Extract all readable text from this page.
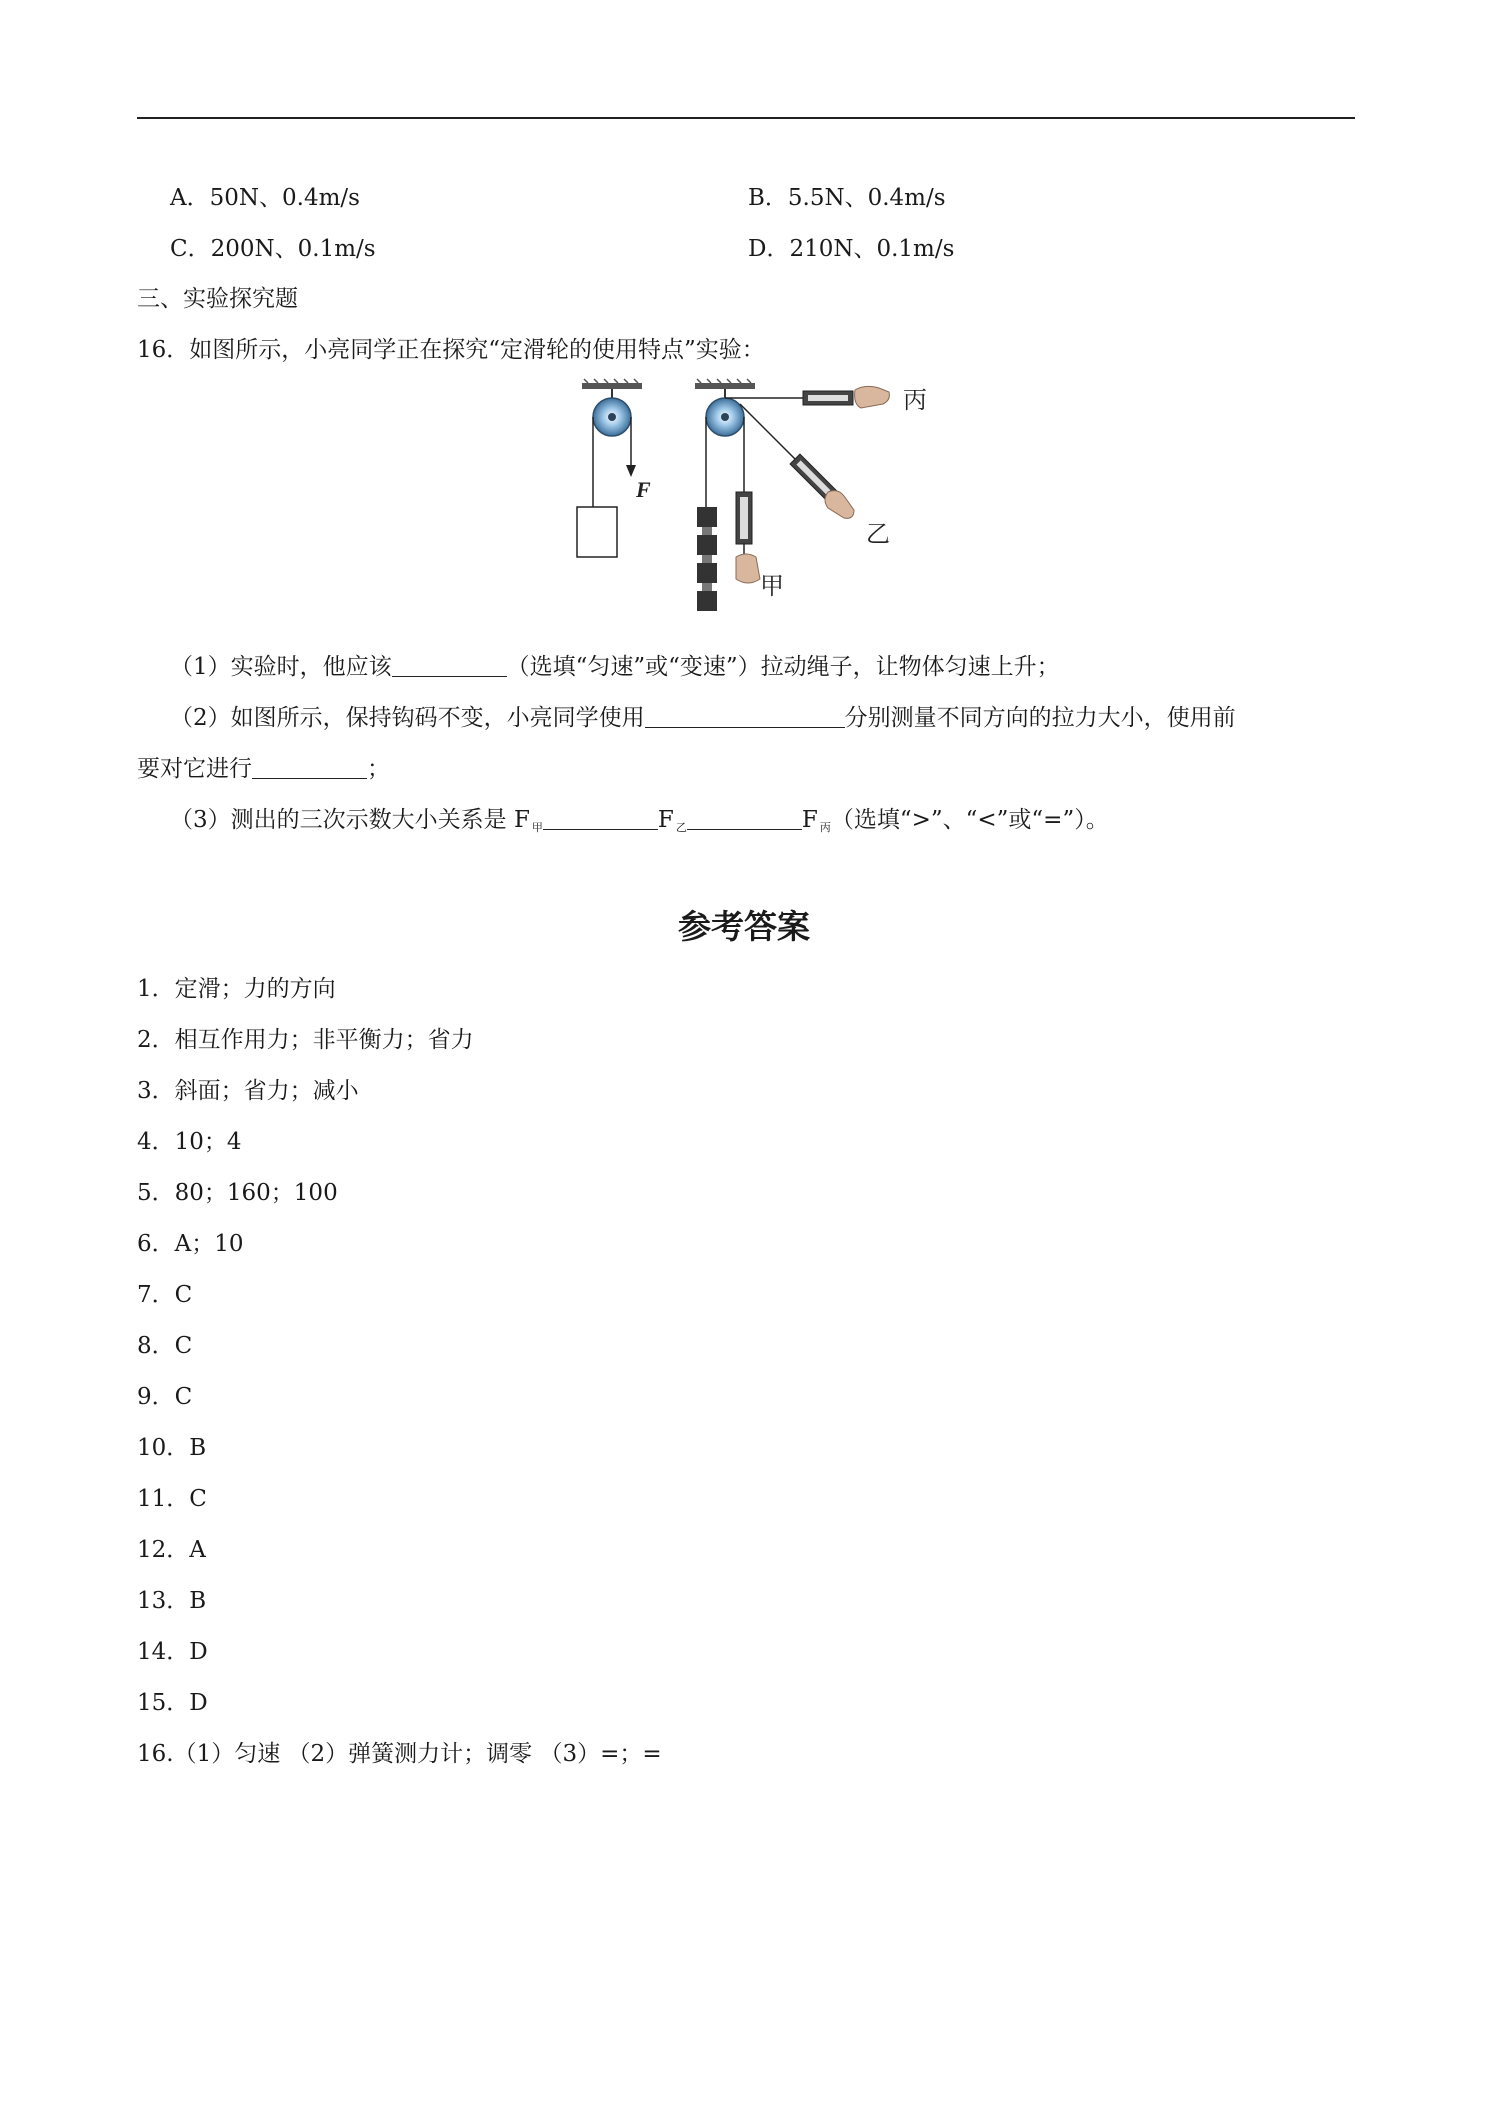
A．50N、0.4m/s	B．5.5N、0.4m/s
C．200N、0.1m/s	D．210N、0.1m/s
三、实验探究题
16．如图所示，小亮同学正在探究“定滑轮的使用特点”实验：
F
甲
丙
乙
（1）实验时，他应该	（选填“匀速”或“变速”）拉动绳子，让物体匀速上升；
（2）如图所示，保持钩码不变，小亮同学使用	分别测量不同方向的拉力大小，使用前
要对它进行	；
（3）测出的三次示数大小关系是 F $_甲$	F $_乙$	F $_丙$（选填“>”、“<”或“=”）。
参考答案
1．定滑；力的方向
2．相互作用力；非平衡力；省力
3．斜面；省力；减小
4．10；4
5．80；160；100
6．A；10
7．C
8．C
9．C
10．B
11．C
12．A
13．B
14．D
15．D
16.（1）匀速 （2）弹簧测力计；调零 （3）=；=
